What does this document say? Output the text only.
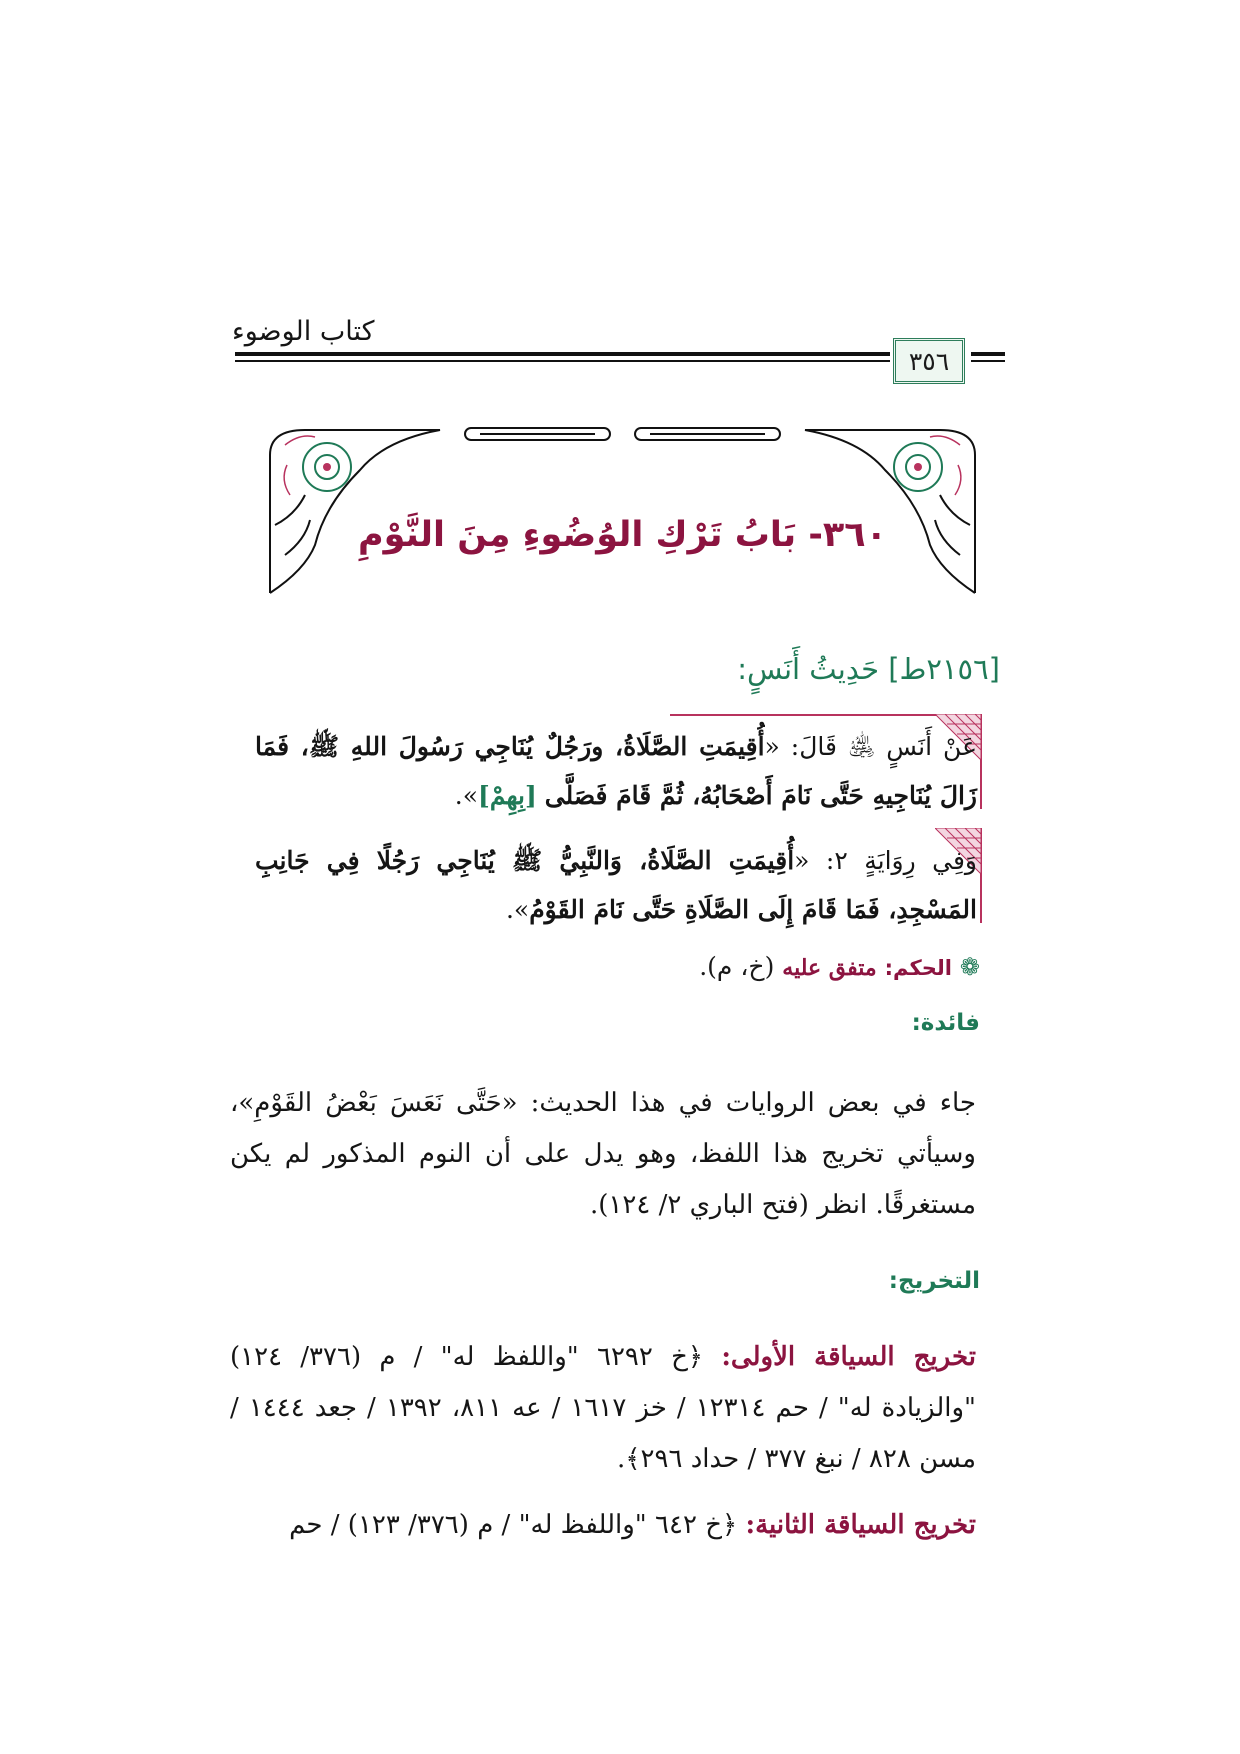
كتاب الوضوء
٣٥٦
٣٦٠- بَابُ تَرْكِ الوُضُوءِ مِنَ النَّوْمِ
[٢١٥٦ط] حَدِيثُ أَنَسٍ:
عَنْ أَنَسٍ ﵁ قَالَ: «أُقِيمَتِ الصَّلَاةُ، ورَجُلٌ يُنَاجِي رَسُولَ اللهِ ﷺ، فَمَا زَالَ يُنَاجِيهِ حَتَّى نَامَ أَصْحَابُهُ، ثُمَّ قَامَ فَصَلَّى [بِهِمْ]».
وَفِي رِوَايَةٍ ٢: «أُقِيمَتِ الصَّلَاةُ، وَالنَّبِيُّ ﷺ يُنَاجِي رَجُلًا فِي جَانِبِ المَسْجِدِ، فَمَا قَامَ إِلَى الصَّلَاةِ حَتَّى نَامَ القَوْمُ».
❁ الحكم: متفق عليه (خ، م).
فائدة:
جاء في بعض الروايات في هذا الحديث: «حَتَّى نَعَسَ بَعْضُ القَوْمِ»، وسيأتي تخريج هذا اللفظ، وهو يدل على أن النوم المذكور لم يكن مستغرقًا. انظر (فتح الباري ٢/ ١٢٤).
التخريج:
تخريج السياقة الأولى: ﴿خ ٦٢٩٢ "واللفظ له" / م (٣٧٦/ ١٢٤) "والزيادة له" / حم ١٢٣١٤ / خز ١٦١٧ / عه ٨١١، ١٣٩٢ / جعد ١٤٤٤ / مسن ٨٢٨ / نبغ ٣٧٧ / حداد ٢٩٦﴾.
تخريج السياقة الثانية: ﴿خ ٦٤٢ "واللفظ له" / م (٣٧٦/ ١٢٣) / حم
